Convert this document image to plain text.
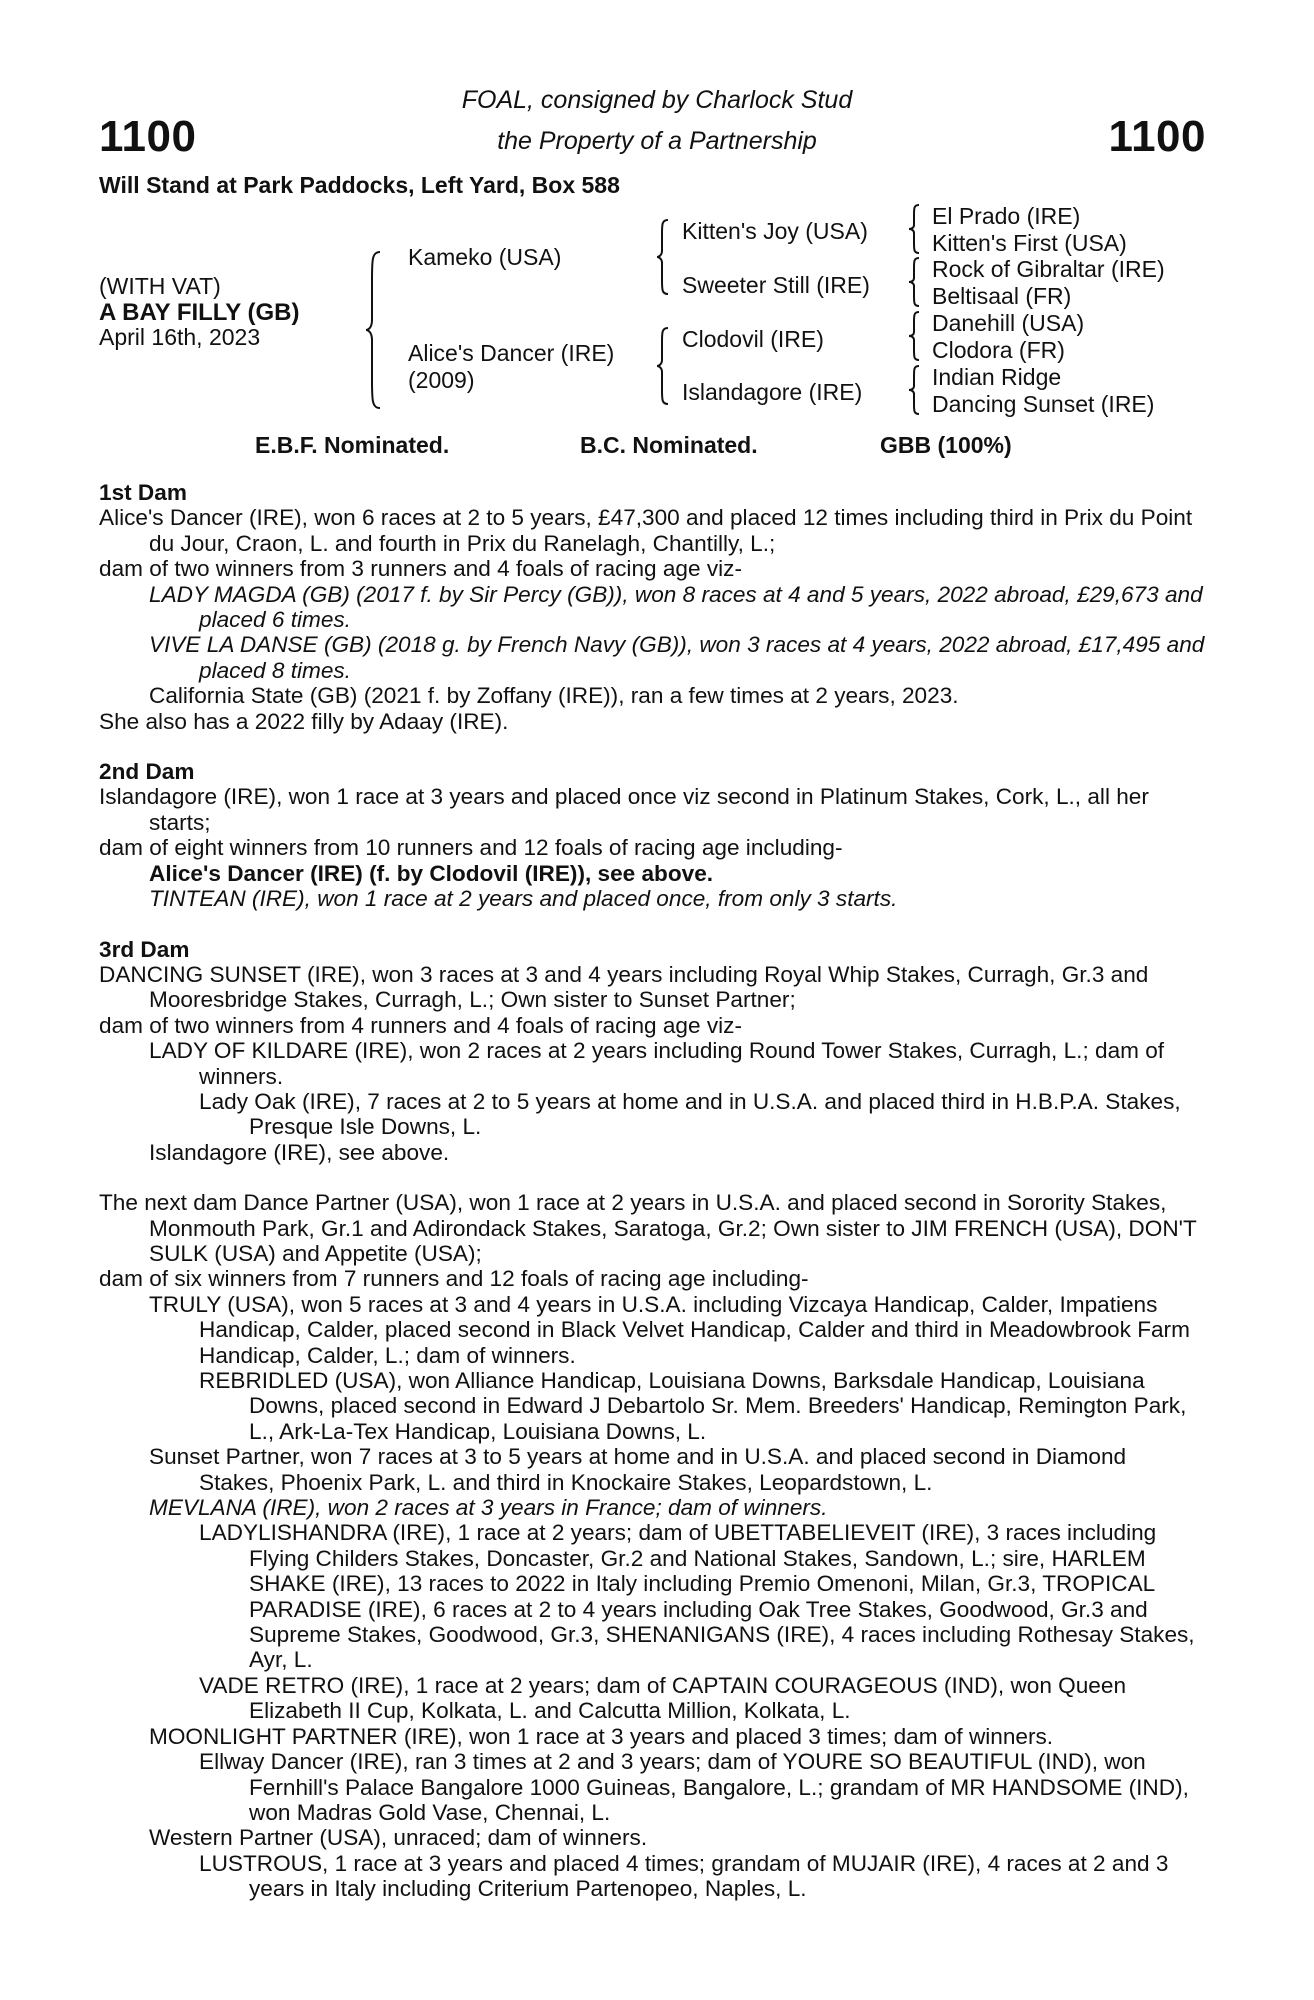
FOAL, consigned by Charlock Stud
the Property of a Partnership
1100	1100
Will Stand at Park Paddocks, Left Yard, Box 588
(WITH VAT)
A BAY FILLY (GB)
April 16th, 2023
Kameko (USA)
Alice's Dancer (IRE)
(2009)
Kitten's Joy (USA)
Sweeter Still (IRE)
Clodovil (IRE)
Islandagore (IRE)
El Prado (IRE)
Kitten's First (USA)
Rock of Gibraltar (IRE)
Beltisaal (FR)
Danehill (USA)
Clodora (FR)
Indian Ridge
Dancing Sunset (IRE)
E.B.F. Nominated.	B.C. Nominated.	GBB (100%)

1st Dam

Alice's Dancer (IRE), won 6 races at 2 to 5 years, £47,300 and placed 12 times including third in Prix du Point du Jour, Craon, L. and fourth in Prix du Ranelagh, Chantilly, L.;

dam of two winners from 3 runners and 4 foals of racing age viz-

LADY MAGDA (GB) (2017 f. by Sir Percy (GB)), won 8 races at 4 and 5 years, 2022 abroad, £29,673 and placed 6 times.

VIVE LA DANSE (GB) (2018 g. by French Navy (GB)), won 3 races at 4 years, 2022 abroad, £17,495 and placed 8 times.

California State (GB) (2021 f. by Zoffany (IRE)), ran a few times at 2 years, 2023.

She also has a 2022 filly by Adaay (IRE).

2nd Dam

Islandagore (IRE), won 1 race at 3 years and placed once viz second in Platinum Stakes, Cork, L., all her starts;

dam of eight winners from 10 runners and 12 foals of racing age including-

Alice's Dancer (IRE) (f. by Clodovil (IRE)), see above.

TINTEAN (IRE), won 1 race at 2 years and placed once, from only 3 starts.

3rd Dam

DANCING SUNSET (IRE), won 3 races at 3 and 4 years including Royal Whip Stakes, Curragh, Gr.3 and Mooresbridge Stakes, Curragh, L.; Own sister to Sunset Partner;

dam of two winners from 4 runners and 4 foals of racing age viz-

LADY OF KILDARE (IRE), won 2 races at 2 years including Round Tower Stakes, Curragh, L.; dam of winners.

Lady Oak (IRE), 7 races at 2 to 5 years at home and in U.S.A. and placed third in H.B.P.A. Stakes, Presque Isle Downs, L.

Islandagore (IRE), see above.

The next dam Dance Partner (USA), won 1 race at 2 years in U.S.A. and placed second in Sorority Stakes, Monmouth Park, Gr.1 and Adirondack Stakes, Saratoga, Gr.2; Own sister to JIM FRENCH (USA), DON'T SULK (USA) and Appetite (USA);

dam of six winners from 7 runners and 12 foals of racing age including-

TRULY (USA), won 5 races at 3 and 4 years in U.S.A. including Vizcaya Handicap, Calder, Impatiens Handicap, Calder, placed second in Black Velvet Handicap, Calder and third in Meadowbrook Farm Handicap, Calder, L.; dam of winners.

REBRIDLED (USA), won Alliance Handicap, Louisiana Downs, Barksdale Handicap, Louisiana Downs, placed second in Edward J Debartolo Sr. Mem. Breeders' Handicap, Remington Park, L., Ark-La-Tex Handicap, Louisiana Downs, L.

Sunset Partner, won 7 races at 3 to 5 years at home and in U.S.A. and placed second in Diamond Stakes, Phoenix Park, L. and third in Knockaire Stakes, Leopardstown, L.

MEVLANA (IRE), won 2 races at 3 years in France; dam of winners.

LADYLISHANDRA (IRE), 1 race at 2 years; dam of UBETTABELIEVEIT (IRE), 3 races including Flying Childers Stakes, Doncaster, Gr.2 and National Stakes, Sandown, L.; sire, HARLEM SHAKE (IRE), 13 races to 2022 in Italy including Premio Omenoni, Milan, Gr.3, TROPICAL PARADISE (IRE), 6 races at 2 to 4 years including Oak Tree Stakes, Goodwood, Gr.3 and Supreme Stakes, Goodwood, Gr.3, SHENANIGANS (IRE), 4 races including Rothesay Stakes, Ayr, L.

VADE RETRO (IRE), 1 race at 2 years; dam of CAPTAIN COURAGEOUS (IND), won Queen Elizabeth II Cup, Kolkata, L. and Calcutta Million, Kolkata, L.

MOONLIGHT PARTNER (IRE), won 1 race at 3 years and placed 3 times; dam of winners.

Ellway Dancer (IRE), ran 3 times at 2 and 3 years; dam of YOURE SO BEAUTIFUL (IND), won Fernhill's Palace Bangalore 1000 Guineas, Bangalore, L.; grandam of MR HANDSOME (IND), won Madras Gold Vase, Chennai, L.

Western Partner (USA), unraced; dam of winners.

LUSTROUS, 1 race at 3 years and placed 4 times; grandam of MUJAIR (IRE), 4 races at 2 and 3 years in Italy including Criterium Partenopeo, Naples, L.
